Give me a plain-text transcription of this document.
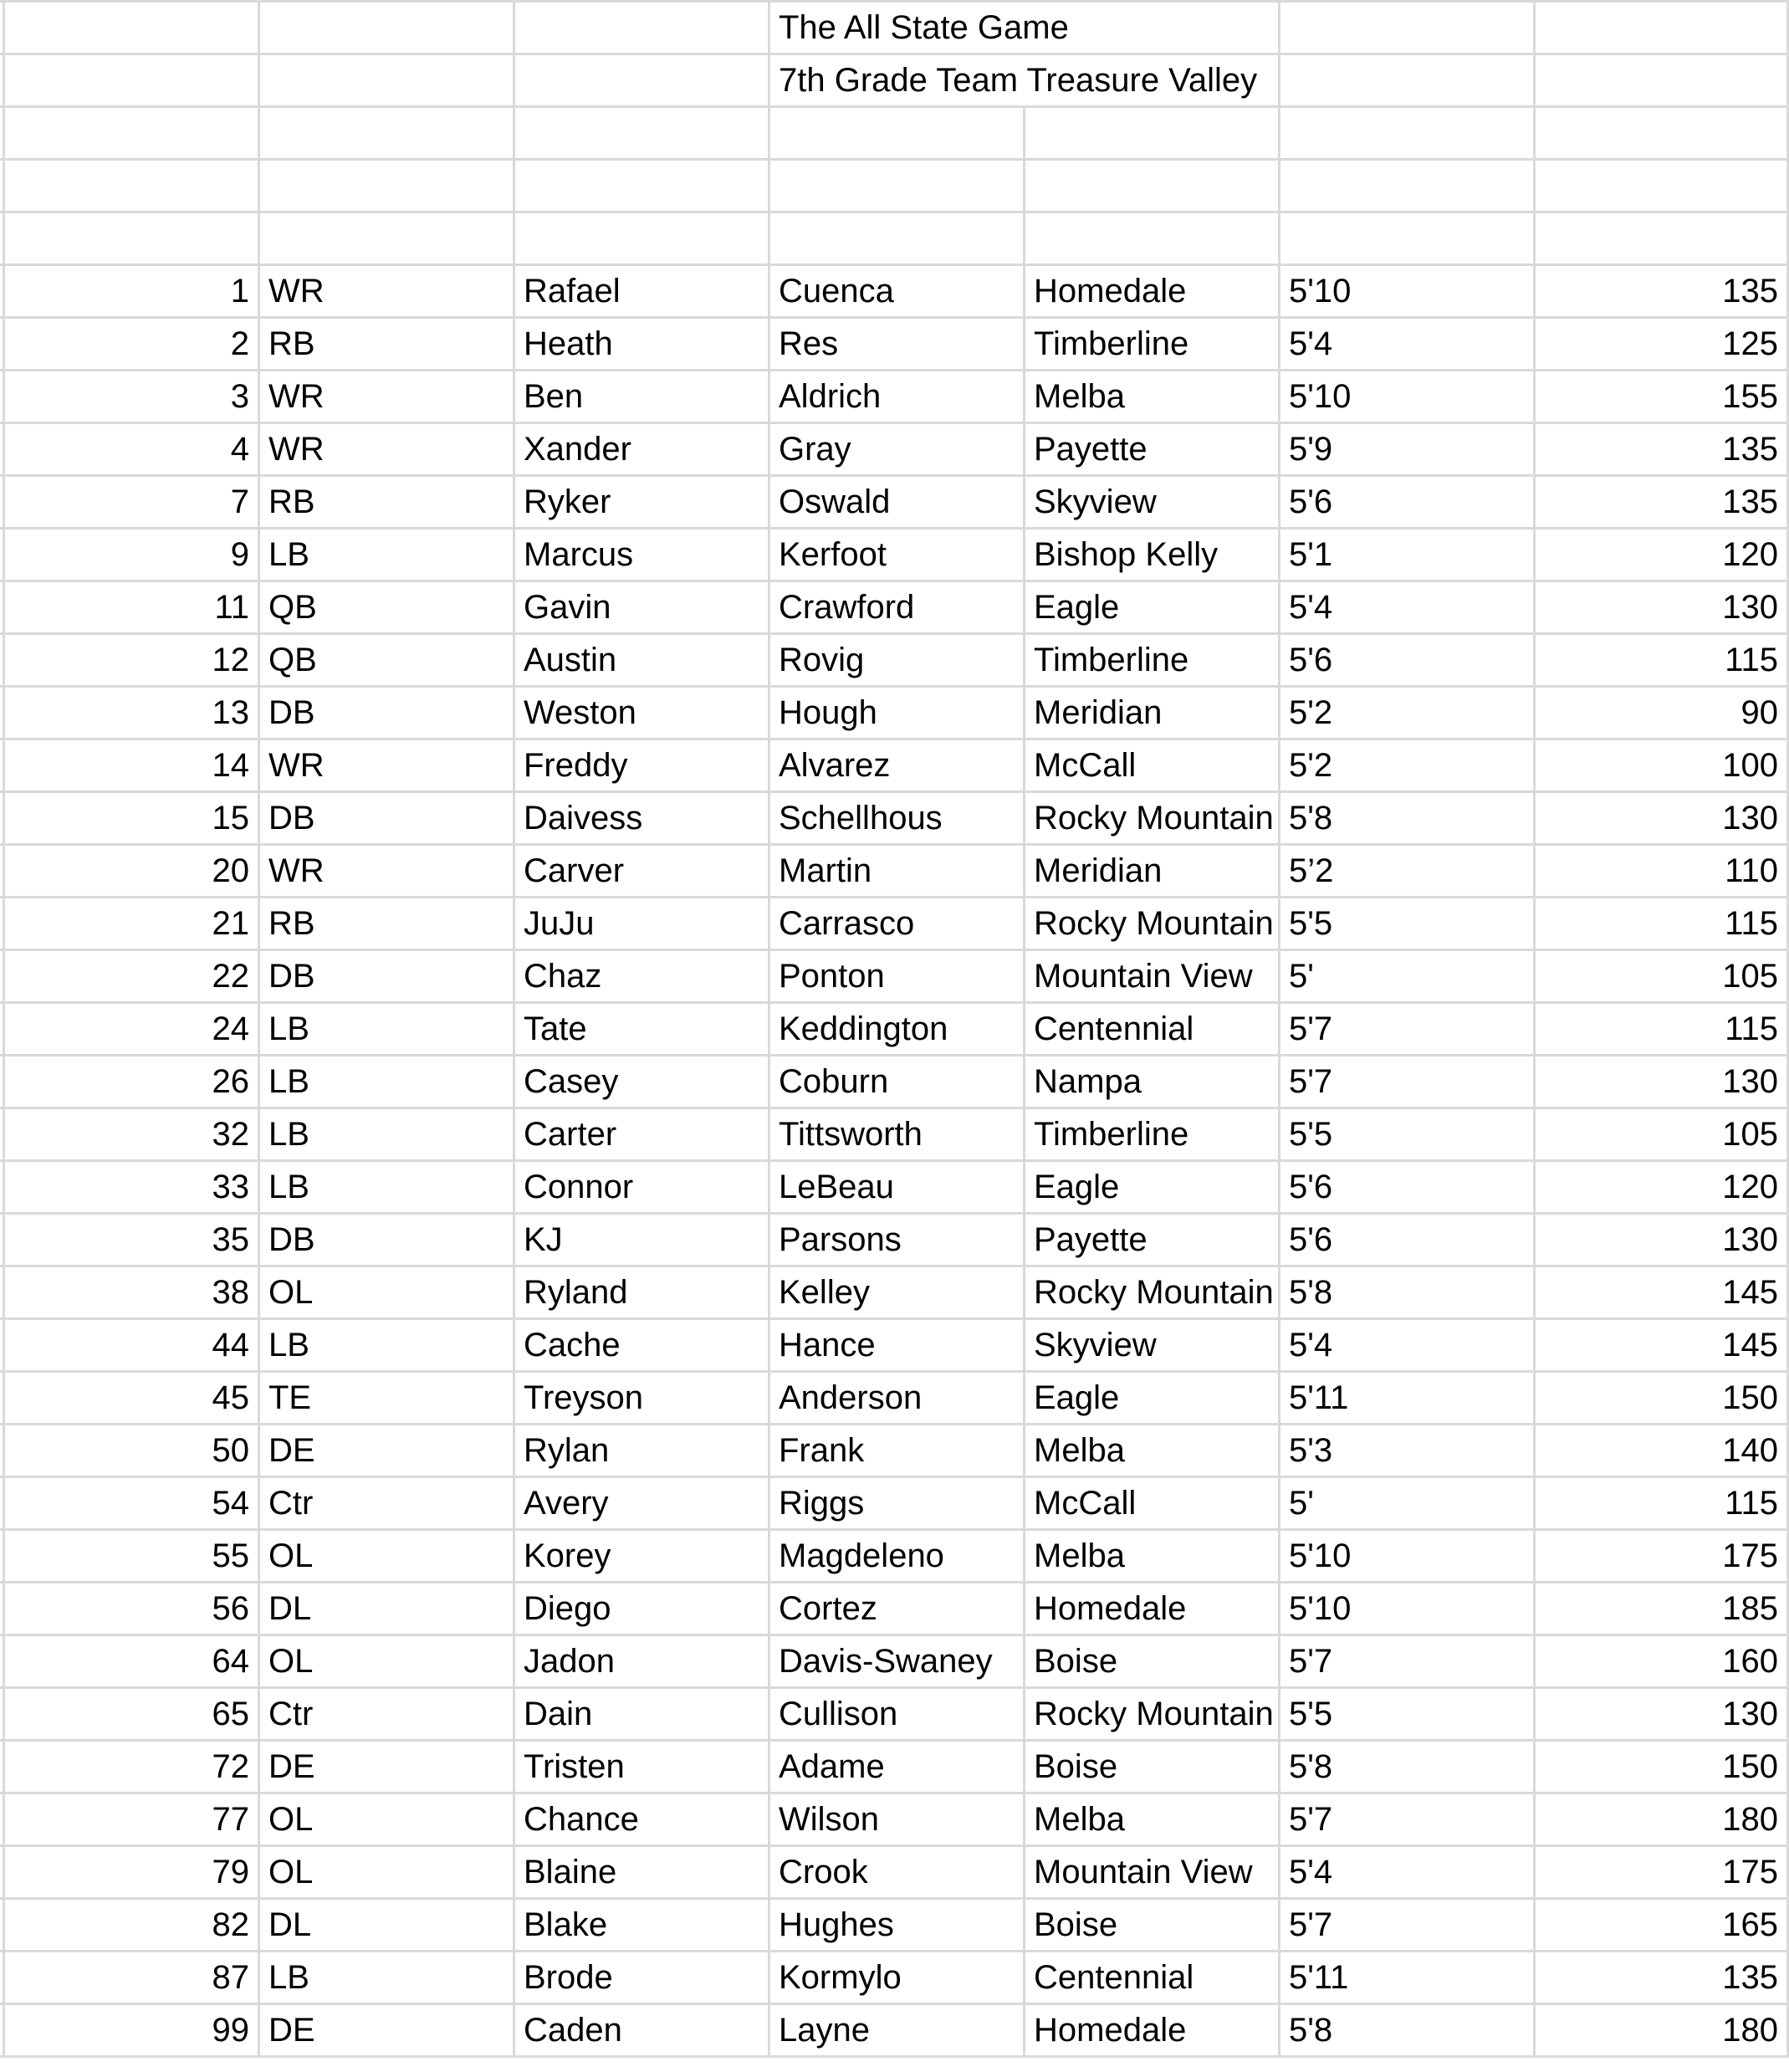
The All State Game
7th Grade Team Treasure Valley
1 WR	Rafael	Cuenca	Homedale	5'10	135
2 RB	Heath	Res	Timberline	5'4	125
3 WR	Ben	Aldrich	Melba	5'10	155
4 WR	Xander	Gray	Payette	5'9	135
7 RB	Ryker	Oswald	Skyview	5'6	135
9 LB	Marcus	Kerfoot	Bishop Kelly	5'1	120
11 QB	Gavin	Crawford	Eagle	5'4	130
12 QB	Austin	Rovig	Timberline	5'6	115
13 DB	Weston	Hough	Meridian	5'2	90
14 WR	Freddy	Alvarez	McCall	5'2	100
15 DB	Daivess	Schellhous	Rocky Mountain 5'8	130
20 WR	Carver	Martin	Meridian	5’2	110
21 RB	JuJu	Carrasco	Rocky Mountain 5'5	115
22 DB	Chaz	Ponton	Mountain View	5'	105
24 LB	Tate	Keddington	Centennial	5'7	115
26 LB	Casey	Coburn	Nampa	5'7	130
32 LB	Carter	Tittsworth	Timberline	5'5	105
33 LB	Connor	LeBeau	Eagle	5'6	120
35 DB	KJ	Parsons	Payette	5'6	130
38 OL	Ryland	Kelley	Rocky Mountain 5'8	145
44 LB	Cache	Hance	Skyview	5'4	145
45 TE	Treyson	Anderson	Eagle	5'11	150
50 DE	Rylan	Frank	Melba	5'3	140
54 Ctr	Avery	Riggs	McCall	5'	115
55 OL	Korey	Magdeleno	Melba	5'10	175
56 DL	Diego	Cortez	Homedale	5'10	185
64 OL	Jadon	Davis-Swaney	Boise	5'7	160
65 Ctr	Dain	Cullison	Rocky Mountain 5'5	130
72 DE	Tristen	Adame	Boise	5'8	150
77 OL	Chance	Wilson	Melba	5'7	180
79 OL	Blaine	Crook	Mountain View	5'4	175
82 DL	Blake	Hughes	Boise	5'7	165
87 LB	Brode	Kormylo	Centennial	5'11	135
99 DE	Caden	Layne	Homedale	5'8	180
